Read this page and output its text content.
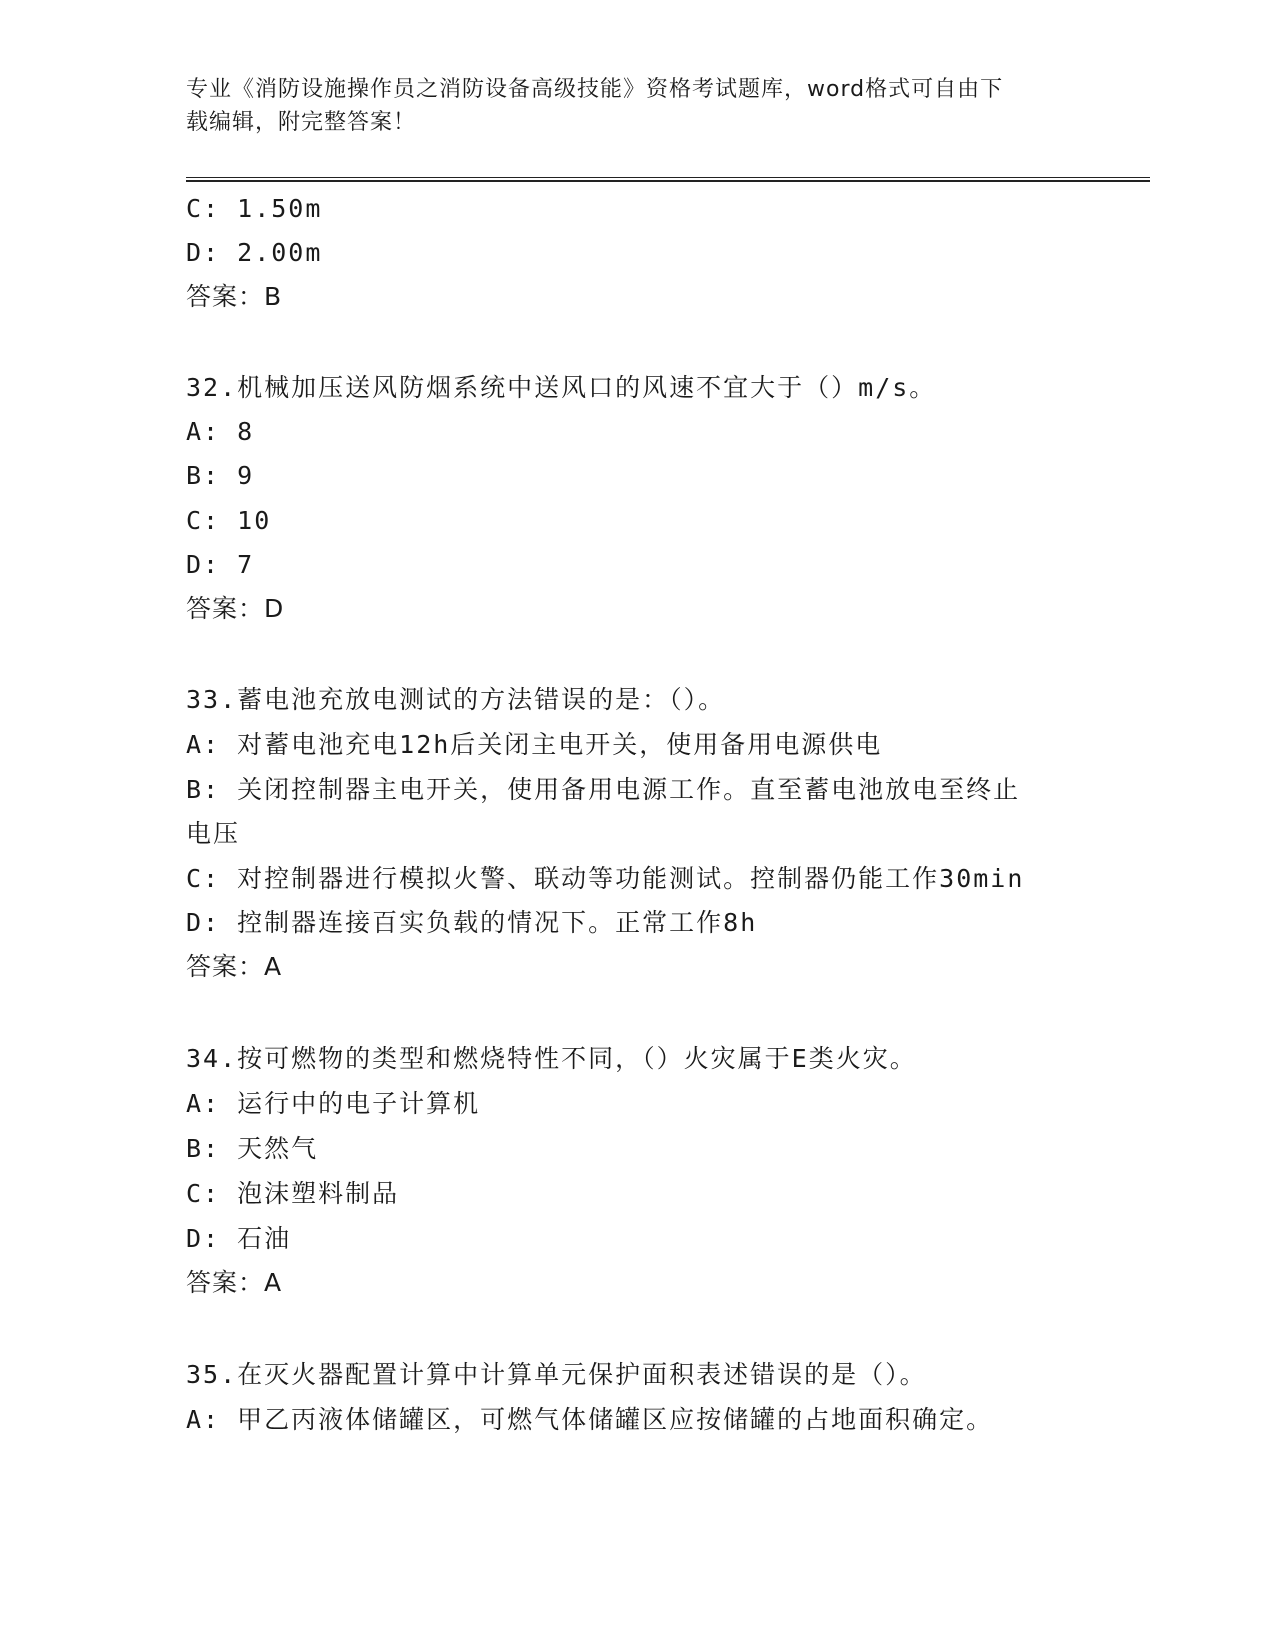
专业《消防设施操作员之消防设备高级技能》资格考试题库，word格式可自由下
载编辑，附完整答案！
C: 1.50m
D: 2.00m
答案：B
32.机械加压送风防烟系统中送风口的风速不宜大于（）m/s。
A: 8
B: 9
C: 10
D: 7
答案：D
33.蓄电池充放电测试的方法错误的是：（）。
A: 对蓄电池充电12h后关闭主电开关，使用备用电源供电
B: 关闭控制器主电开关，使用备用电源工作。直至蓄电池放电至终止
电压
C: 对控制器进行模拟火警、联动等功能测试。控制器仍能工作30min
D: 控制器连接百实负载的情况下。正常工作8h
答案：A
34.按可燃物的类型和燃烧特性不同，（）火灾属于E类火灾。
A: 运行中的电子计算机
B: 天然气
C: 泡沫塑料制品
D: 石油
答案：A
35.在灭火器配置计算中计算单元保护面积表述错误的是（）。
A: 甲乙丙液体储罐区，可燃气体储罐区应按储罐的占地面积确定。
